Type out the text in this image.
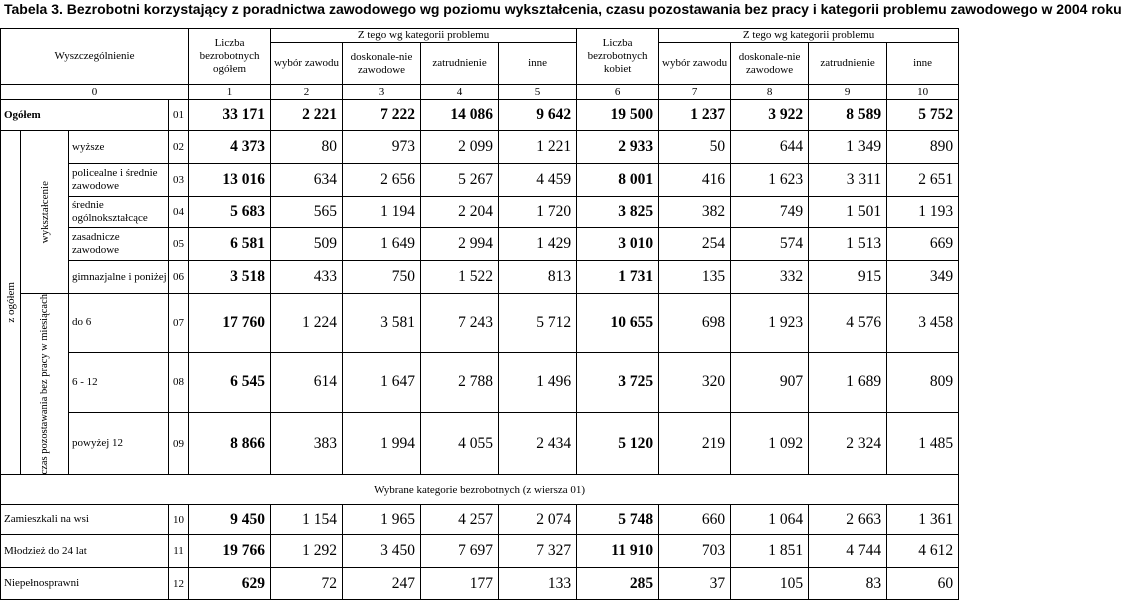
Tabela 3. Bezrobotni korzystający z poradnictwa zawodowego wg poziomu wykształcenia, czasu pozostawania bez pracy i kategorii problemu zawodowego w 2004 roku
Wyszczególnienie				Liczba bezrobotnych ogółem	Z tego wg kategorii problemu				Liczba bezrobotnych kobiet	Z tego wg kategorii problemu			
					wybór zawodu	doskonale-nie zawodowe	zatrudnienie	inne		wybór zawodu	doskonale-nie zawodowe	zatrudnienie	inne
0				1	2	3	4	5	6	7	8	9	10
Ogółem			01	33 171	2 221	7 222	14 086	9 642	19 500	1 237	3 922	8 589	5 752

z ogółem	wykształcenie	wyższe	02	4 373	80	973	2 099	1 221	2 933	50	644	1 349	890
		policealne i średnie zawodowe	03	13 016	634	2 656	5 267	4 459	8 001	416	1 623	3 311	2 651
		średnie ogólnokształcące	04	5 683	565	1 194	2 204	1 720	3 825	382	749	1 501	1 193
		zasadnicze zawodowe	05	6 581	509	1 649	2 994	1 429	3 010	254	574	1 513	669
		gimnazjalne i poniżej	06	3 518	433	750	1 522	813	1 731	135	332	915	349

	czas pozostawania bez pracy w miesiącach	do 6	07	17 760	1 224	3 581	7 243	5 712	10 655	698	1 923	4 576	3 458
		6 - 12	08	6 545	614	1 647	2 788	1 496	3 725	320	907	1 689	809
		powyżej 12	09	8 866	383	1 994	4 055	2 434	5 120	219	1 092	2 324	1 485
Wybrane kategorie bezrobotnych (z wiersza 01)													
Zamieszkali na wsi			10	9 450	1 154	1 965	4 257	2 074	5 748	660	1 064	2 663	1 361
Młodzież do 24 lat			11	19 766	1 292	3 450	7 697	7 327	11 910	703	1 851	4 744	4 612
Niepełnosprawni			12	629	72	247	177	133	285	37	105	83	60
